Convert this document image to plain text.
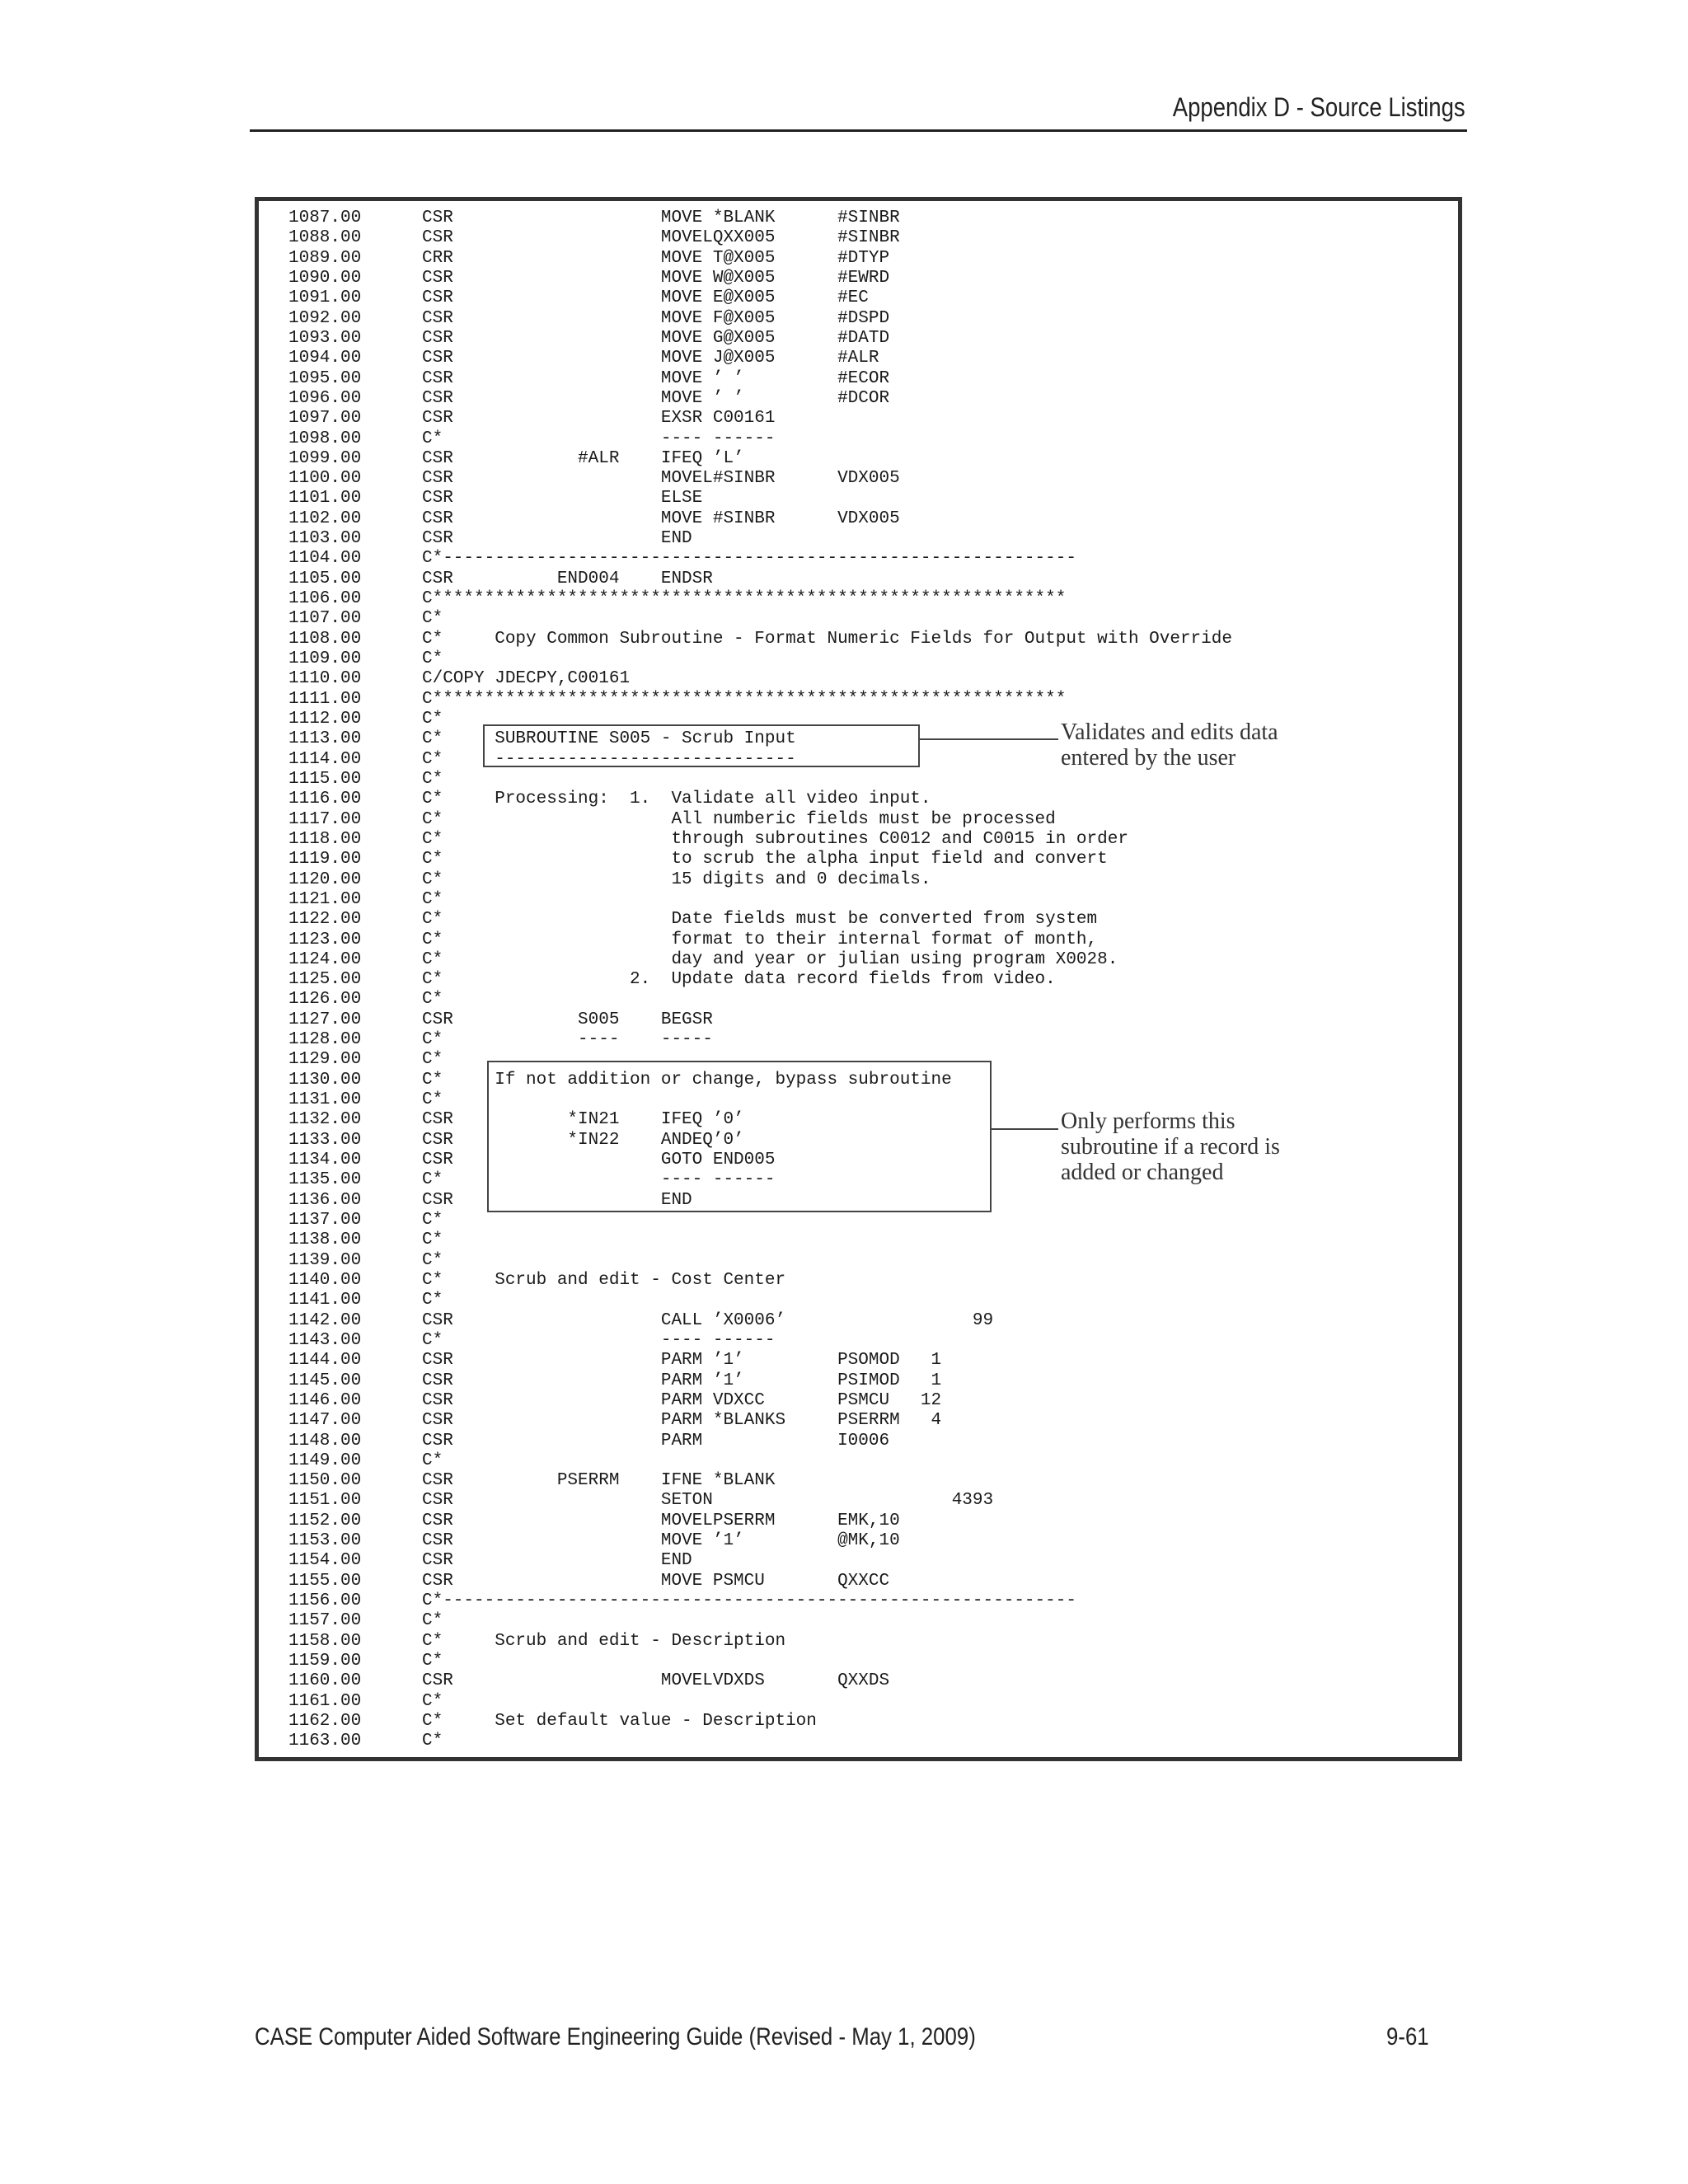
Appendix D - Source Listings
1087.00	CSR                    MOVE *BLANK      #SINBR
1088.00	CSR                    MOVELQXX005      #SINBR
1089.00	CRR                    MOVE T@X005      #DTYP
1090.00	CSR                    MOVE W@X005      #EWRD
1091.00	CSR                    MOVE E@X005      #EC
1092.00	CSR                    MOVE F@X005      #DSPD
1093.00	CSR                    MOVE G@X005      #DATD
1094.00	CSR                    MOVE J@X005      #ALR
1095.00	CSR                    MOVE ’ ’         #ECOR
1096.00	CSR                    MOVE ’ ’         #DCOR
1097.00	CSR                    EXSR C00161
1098.00	C*                     ---- ------
1099.00	CSR            #ALR    IFEQ ’L’
1100.00	CSR                    MOVEL#SINBR      VDX005
1101.00	CSR                    ELSE
1102.00	CSR                    MOVE #SINBR      VDX005
1103.00	CSR                    END
1104.00	C*-------------------------------------------------------------
1105.00	CSR          END004    ENDSR
1106.00	C*************************************************************
1107.00	C*
1108.00	C*     Copy Common Subroutine - Format Numeric Fields for Output with Override
1109.00	C*
1110.00	C/COPY JDECPY,C00161
1111.00	C*************************************************************
1112.00	C*
1113.00	C*     SUBROUTINE S005 - Scrub Input
1114.00	C*     -----------------------------
1115.00	C*
1116.00	C*     Processing:  1.  Validate all video input.
1117.00	C*                      All numberic fields must be processed
1118.00	C*                      through subroutines C0012 and C0015 in order
1119.00	C*                      to scrub the alpha input field and convert
1120.00	C*                      15 digits and 0 decimals.
1121.00	C*
1122.00	C*                      Date fields must be converted from system
1123.00	C*                      format to their internal format of month,
1124.00	C*                      day and year or julian using program X0028.
1125.00	C*                  2.  Update data record fields from video.
1126.00	C*
1127.00	CSR            S005    BEGSR
1128.00	C*             ----    -----
1129.00	C*
1130.00	C*     If not addition or change, bypass subroutine
1131.00	C*
1132.00	CSR           *IN21    IFEQ ’0’
1133.00	CSR           *IN22    ANDEQ’0’
1134.00	CSR                    GOTO END005
1135.00	C*                     ---- ------
1136.00	CSR                    END
1137.00	C*
1138.00	C*
1139.00	C*
1140.00	C*     Scrub and edit - Cost Center
1141.00	C*
1142.00	CSR                    CALL ’X0006’                  99
1143.00	C*                     ---- ------
1144.00	CSR                    PARM ’1’         PSOMOD   1
1145.00	CSR                    PARM ’1’         PSIMOD   1
1146.00	CSR                    PARM VDXCC       PSMCU   12
1147.00	CSR                    PARM *BLANKS     PSERRM   4
1148.00	CSR                    PARM             I0006
1149.00	C*
1150.00	CSR          PSERRM    IFNE *BLANK
1151.00	CSR                    SETON                       4393
1152.00	CSR                    MOVELPSERRM      EMK,10
1153.00	CSR                    MOVE ’1’         @MK,10
1154.00	CSR                    END
1155.00	CSR                    MOVE PSMCU       QXXCC
1156.00	C*-------------------------------------------------------------
1157.00	C*
1158.00	C*     Scrub and edit - Description
1159.00	C*
1160.00	CSR                    MOVELVDXDS       QXXDS
1161.00	C*
1162.00	C*     Set default value - Description
1163.00	C*
Validates and edits data
entered by the user
Only performs this
subroutine if a record is
added or changed
CASE Computer Aided Software Engineering Guide (Revised - May 1, 2009)	9-61
